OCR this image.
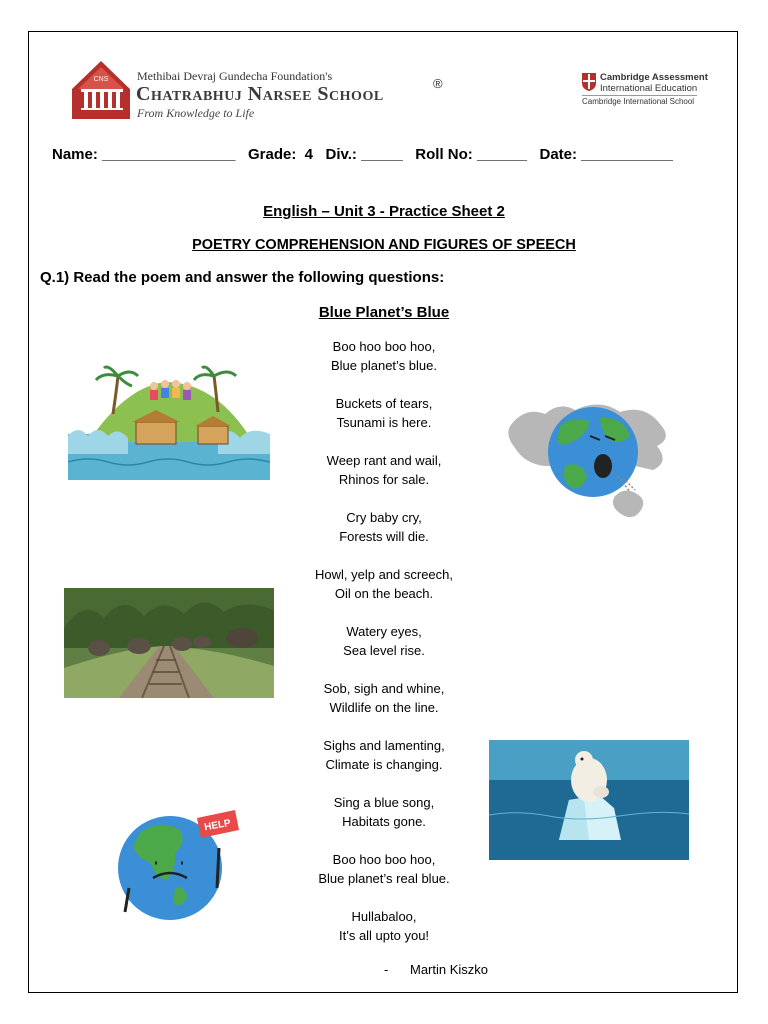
CNS Methibai Devraj Gundecha Foundation's
Chatrabhuj Narsee School	®
From Knowledge to Life
Cambridge Assessment
International Education
Cambridge International School
Name: ________________   Grade:  4   Div.: _____   Roll No: ______   Date: ___________
English – Unit 3 - Practice Sheet 2
POETRY COMPREHENSION AND FIGURES OF SPEECH
Q.1) Read the poem and answer the following questions:
Blue Planet’s Blue
Boo hoo boo hoo,
Blue planet’s blue.
Buckets of tears,
Tsunami is here.
Weep rant and wail,
Rhinos for sale.
Cry baby cry,
Forests will die.
Howl, yelp and screech,
Oil on the beach.
Watery eyes,
Sea level rise.
Sob, sigh and whine,
Wildlife on the line.
Sighs and lamenting,
Climate is changing.
Sing a blue song,
Habitats gone.
Boo hoo boo hoo,
Blue planet’s real blue.
Hullabaloo,
It’s all upto you!
-      Martin Kiszko
HELP
